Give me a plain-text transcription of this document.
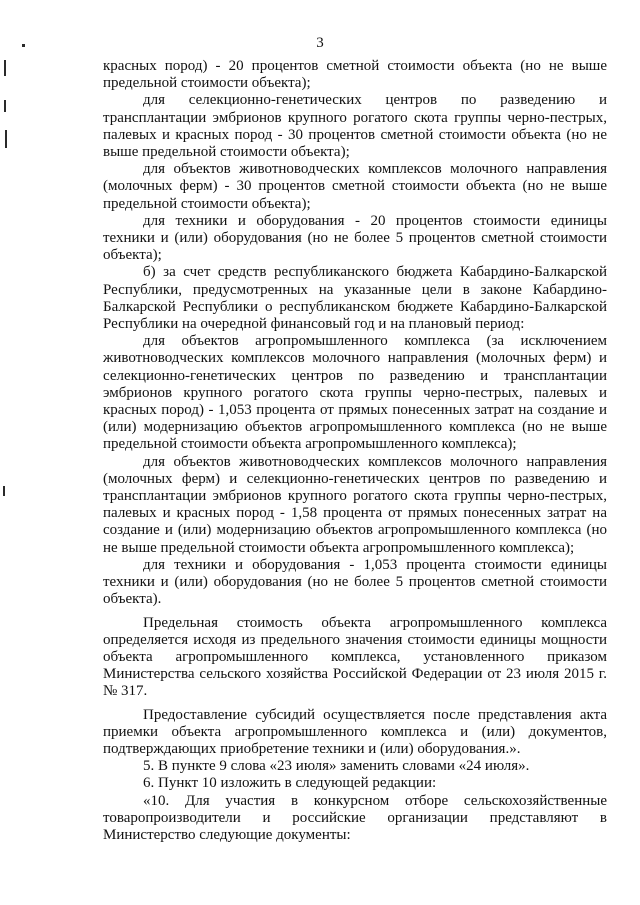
3

красных пород) - 20 процентов сметной стоимости объекта (но не выше предельной стоимости объекта);

для селекционно-генетических центров по разведению и трансплантации эмбрионов крупного рогатого скота группы черно-пестрых, палевых и красных пород - 30 процентов сметной стоимости объекта (но не выше предельной стоимости объекта);

для объектов животноводческих комплексов молочного направления (молочных ферм) - 30 процентов сметной стоимости объекта (но не выше предельной стоимости объекта);

для техники и оборудования - 20 процентов стоимости единицы техники и (или) оборудования (но не более 5 процентов сметной стоимости объекта);

б) за счет средств республиканского бюджета Кабардино-Балкарской Республики, предусмотренных на указанные цели в законе Кабардино-Балкарской Республики о республиканском бюджете Кабардино-Балкарской Республики на очередной финансовый год и на плановый период:

для объектов агропромышленного комплекса (за исключением животноводческих комплексов молочного направления (молочных ферм) и селекционно-генетических центров по разведению и трансплантации эмбрионов крупного рогатого скота группы черно-пестрых, палевых и красных пород) - 1,053 процента от прямых понесенных затрат на создание и (или) модернизацию объектов агропромышленного комплекса (но не выше предельной стоимости объекта агропромышленного комплекса);

для объектов животноводческих комплексов молочного направления (молочных ферм) и селекционно-генетических центров по разведению и трансплантации эмбрионов крупного рогатого скота группы черно-пестрых, палевых и красных пород - 1,58 процента от прямых понесенных затрат на создание и (или) модернизацию объектов агропромышленного комплекса (но не выше предельной стоимости объекта агропромышленного комплекса);

для техники и оборудования - 1,053 процента стоимости единицы техники и (или) оборудования (но не более 5 процентов сметной стоимости объекта).

Предельная стоимость объекта агропромышленного комплекса определяется исходя из предельного значения стоимости единицы мощности объекта агропромышленного комплекса, установленного приказом Министерства сельского хозяйства Российской Федерации от 23 июля 2015 г. № 317.

Предоставление субсидий осуществляется после представления акта приемки объекта агропромышленного комплекса и (или) документов, подтверждающих приобретение техники и (или) оборудования.».

5. В пункте 9 слова «23 июля» заменить словами «24 июля».

6. Пункт 10 изложить в следующей редакции:

«10. Для участия в конкурсном отборе сельскохозяйственные товаропроизводители и российские организации представляют в Министерство следующие документы:
